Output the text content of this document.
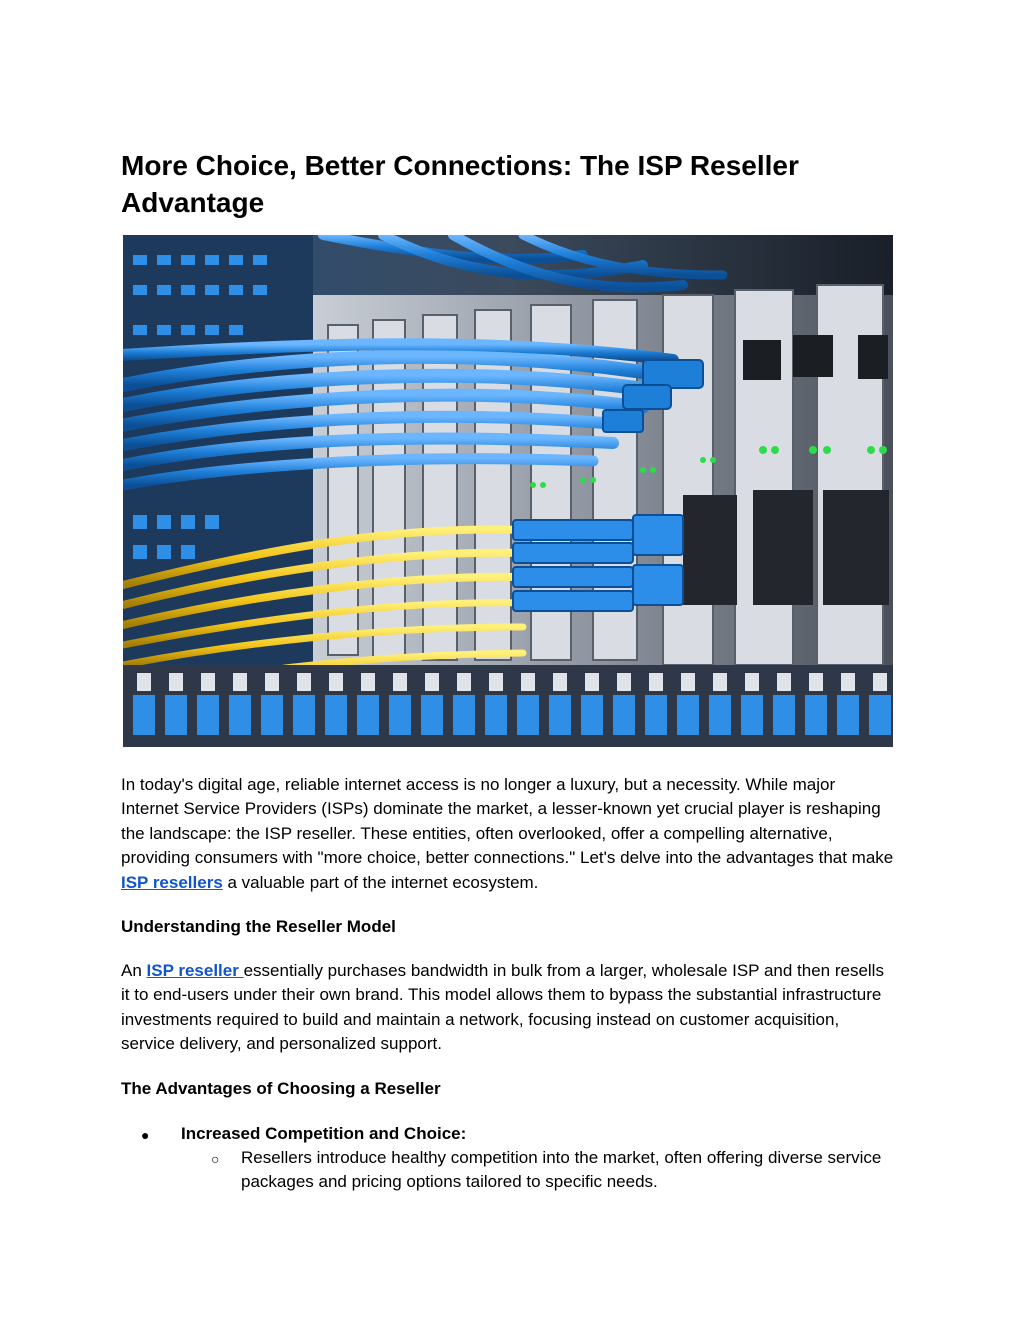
More Choice, Better Connections: The ISP Reseller Advantage

In today's digital age, reliable internet access is no longer a luxury, but a necessity. While major Internet Service Providers (ISPs) dominate the market, a lesser-known yet crucial player is reshaping the landscape: the ISP reseller. These entities, often overlooked, offer a compelling alternative, providing consumers with "more choice, better connections." Let's delve into the advantages that make ISP resellers a valuable part of the internet ecosystem.

Understanding the Reseller Model

An ISP reseller essentially purchases bandwidth in bulk from a larger, wholesale ISP and then resells it to end-users under their own brand. This model allows them to bypass the substantial infrastructure investments required to build and maintain a network, focusing instead on customer acquisition, service delivery, and personalized support.

The Advantages of Choosing a Reseller
● Increased Competition and Choice:
○ Resellers introduce healthy competition into the market, often offering diverse service packages and pricing options tailored to specific needs.
